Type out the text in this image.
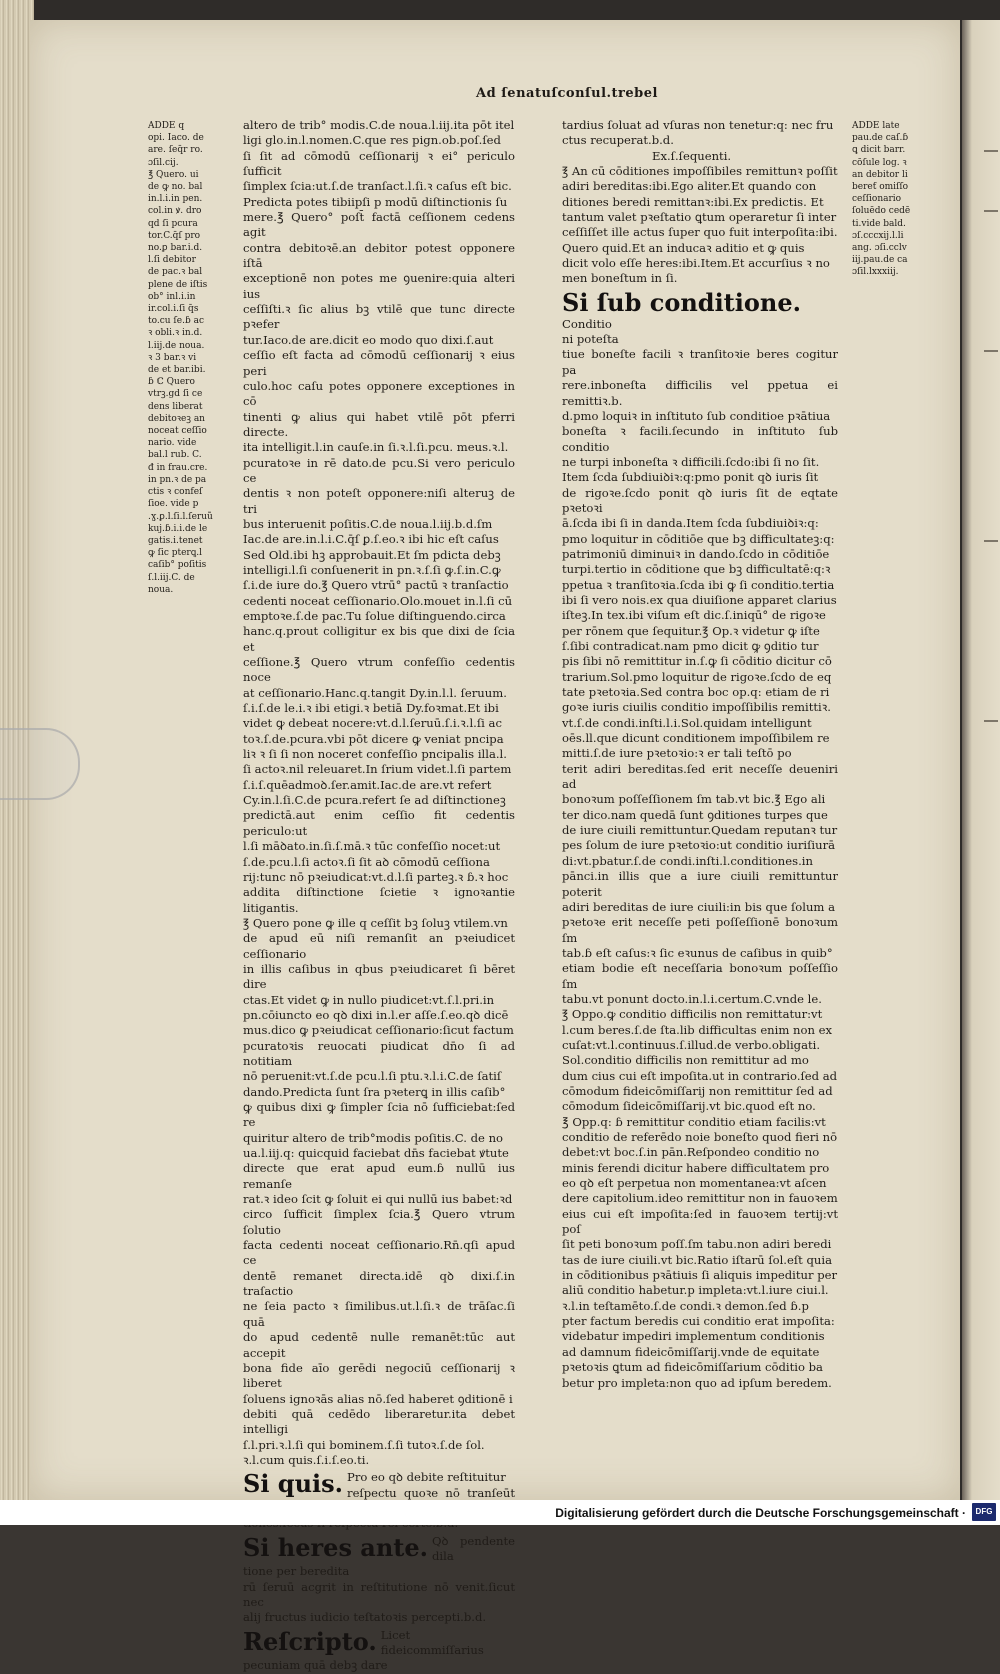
Ad ſenatuſconſul.trebel

ADDE q
opi. Iaco. de
are. ſeq̄r ro.
ɔſil.cij.
℥ Quero. ui
de ꝙ no. bal
in.l.i.in pen.
col.in ꝟ. dro
qd ſi pcura
tor.C.q̄ſ pro
no.ꝑ bar.i.d.
l.ſi debitor
de pac.ꝛ bal
plene de iſtis
ob° inl.i.in
ir.col.i.ſi q̄s
to.cu ſe.ɓ ac
ꝛ obli.ꝛ in.d.
l.iij.de noua.
ꝛ 3 bar.ꝛ vi
de et bar.ibi.
ɓ ℂ Quero
vtrꝫ.gd ſi ce
dens liberat
debitoꝛeꝫ an
noceat ceſſio
nario. vide
bal.l rub. C.
đ in frau.cre.
in pn.ꝛ de pa
ctis ꝛ confeſ
ſioe. vide p
.ɣ.ꝑ.l.ſi.l.ſeruũ
kuj.ɓ.i.i.de le
gatis.i.tenet
ꝙ ſic pterꝗ.l
caſib° poſitis
ſ.l.iij.C. de
noua.

ADDE late
pau.de caſ.ɓ
ꝗ dicit barr.
cōſule log. ꝛ
an debitor li
bereƭ omiſſo
ceſſionario
ſoluēdo cedē
ti.vide bald.
ɔſ.cccxij.l.li
ang. ɔſi.cclv
iij.pau.de ca
ɔſil.lxxxiij.

altero de trib° modis.C.de noua.l.iij.ita pōt itel
ligi glo.in.l.nomen.C.que res pign.ob.poſ.ſed
ſi ſit ad cōmodū ceſſionarij ꝛ ei° periculo ſufficit
ſimplex ſcia:ut.ſ.de tranſact.l.ſi.ꝛ caſus eſt bic.
Predicta potes tibiipſi p modū diſtinctionis ſu
mere.℥ Quero° poſt̄ factā ceſſionem cedens agit
contra debitoꝛē.an debitor potest opponere iſtā
exceptionē non potes me ꝯuenire:quia alteri ius
ceſſiſti.ꝛ ſic alius bꝫ vtilē que tunc directe pꝛefer
tur.Iaco.de are.dicit eo modo quo dixi.ſ.aut
ceſſio eſt facta ad cōmodū ceſſionarij ꝛ eius peri
culo.hoc caſu potes opponere exceptiones in cō
tinenti ꝙ alius qui habet vtilē pōt pferri directe.
ita intelligit.l.in cauſe.in ſi.ꝛ.l.ſi.pcu. meus.ꝛ.l.
pcuratoꝛe in rē dato.de pcu.Si vero periculo ce
dentis ꝛ non poteſt opponere:niſi alteruꝫ de tri
bus interuenit poſitis.C.de noua.l.iij.b.d.ſm
Iac.de are.in.l.i.C.q̄ſ ꝑ.ſ.eo.ꝛ ibi hic eſt caſus
Sed Old.ibi hꝫ approbauit.Et ſm pdicta debꝫ
intelligi.l.ſi conſuenerit in pn.ꝛ.ſ.ſi ꝙ.ſ.in.C.ꝙ
ſ.i.de iure do.℥ Quero vtrū° pactū ꝛ tranſactio
cedenti noceat ceſſionario.Olo.mouet in.l.ſi cū
emptoꝛe.ſ.de pac.Tu ſolue diſtinguendo.circa
hanc.q.prout colligitur ex bis que dixi de ſcia et
ceſſione.℥ Quero vtrum confeſſio cedentis noce
at ceſſionario.Hanc.q.tangit Dy.in.l.l. ſeruum.
ſ.i.ſ.de le.i.ꝛ ibi etigi.ꝛ betiā Dy.foꝛmat.Et ibi
videt ꝙ debeat nocere:vt.d.l.ſeruū.ſ.i.ꝛ.l.ſi ac
toꝛ.ſ.de.pcura.vbi pōt dicere ꝙ veniat pncipa
liꝛ ꝛ ſi ſi non noceret confeſſio pncipalis illa.l.
ſi actoꝛ.nil releuaret.In ſrium videt.l.ſi partem
ſ.i.ſ.quēadmoꝺ.ſer.amit.Iac.de are.vt refert
Cy.in.l.ſi.C.de pcura.refert ſe ad diſtinctioneꝫ
predictā.aut enim ceſſio fit cedentis periculo:ut
l.ſi māꝺato.in.ſi.ſ.mā.ꝛ tūc confeſſio nocet:ut
ſ.de.pcu.l.ſi actoꝛ.ſi ſit aꝺ cōmodū ceſſiona
rij:tunc nō pꝛeiudicat:vt.d.l.ſi parteꝫ.ꝛ ɓ.ꝛ hoc
addita diſtinctione ſcietie ꝛ ignoꝛantie litigantis.
℥ Quero pone ꝙ ille q ceſſit bꝫ ſoluꝫ vtilem.vn
de apud eū niſi remanſit an pꝛeiudicet ceſſionario
in illis caſibus in qbus pꝛeiudicaret ſi bēret dire
ctas.Et videt ꝙ in nullo piudicet:vt.ſ.l.pri.in
pn.cōiuncto eo qꝺ dixi in.l.er aſſe.ſ.eo.qꝺ dicē
mus.dico ꝙ pꝛeiudicat ceſſionario:ſicut factum
pcuratoꝛis reuocati piudicat dn̄o ſi ad notitiam
nō peruenit:vt.ſ.de pcu.l.ſi ptu.ꝛ.l.i.C.de ſatiſ
dando.Predicta ſunt ſra pꝛeterꝗ in illis caſib°
ꝙ quibus dixi ꝙ ſimpler ſcia nō ſufficiebat:ſed re
quiritur altero de trib°modis poſitis.C. de no
ua.l.iij.q: quicquid faciebat dn̄s faciebat ꝟtute
directe que erat apud eum.ɓ nullū ius remanſe
rat.ꝛ ideo ſcit ꝙ ſoluit ei qui nullū ius babet:ꝛd
circo ſufficit ſimplex ſcia.℥ Quero vtrum ſolutio
facta cedenti noceat ceſſionario.Rn̄.qſi apud ce
dentē remanet directa.idē qꝺ dixi.ſ.in traſactio
ne ſeia pacto ꝛ ſimilibus.ut.l.ſi.ꝛ de trāſac.ſi quā
do apud cedentē nulle remanēt:tūc aut accepit
bona fide aīo gerēdi negociū ceſſionarij ꝛ liberet
ſoluens ignoꝛās alias nō.ſed haberet ꝯditionē i
debiti quā cedēdo liberaretur.ita debet intelligi
ſ.l.pri.ꝛ.l.ſi qui bominem.ſ.ſi tutoꝛ.ſ.de ſol.
ꝛ.l.cum quis.ſ.i.ſ.eo.ti.

Si quis. Pro eo qꝺ debite reſtituitur
reſpectu quoꝛe nō tranſeūt

Si heres ante. Qꝺ pendente dila
tione per beredita
rū ſeruū acgrit in reſtitutione nō venit.ſicut nec
alij fructus iudicio teſtatoꝛis percepti.b.d.
Reſcripto. Licet fideicommiſſarius
pecuniam quā debꝫ dare

tardius ſoluat ad vſuras non tenetur:q: nec fru
ctus recuperat.b.d.

Ex.ſ.ſequenti.

℥ An cū cōditiones impoſſibiles remittunꝛ poſſit
adiri bereditas:ibi.Ego aliter.Et quando con
ditiones beredi remittanꝛ:ibi.Ex predictis. Et
tantum valet pꝛeſtatio ꝗtum operaretur ſi inter
ceſſiſſet ille actus ſuper quo fuit interpoſita:ibi.
Quero quid.Et an inducaꝛ aditio et ꝙ quis
dicit volo eſſe heres:ibi.Item.Et accurſius ꝛ no
men boneſtum in ſi.

Si ſub conditione.
Conditio
ni poteſta
tiue boneſte facili ꝛ tranſitoꝛie beres cogitur pa
rere.inboneſta difficilis vel ppetua ei remittiꝛ.b.
d.pmo loquiꝛ in inſtituto ſub conditioe pꝛātiua
boneſta ꝛ facili.ſecundo in inſtituto ſub conditio
ne turpi inboneſta ꝛ difficili.ſcdo:ibi ſi no ſit.
Item ſcda ſubdiuiꝺiꝛ:q:pmo ponit qꝺ iuris ſit
de rigoꝛe.ſcdo ponit qꝺ iuris ſit de eqtate pꝛetoꝛi
ā.ſcda ibi ſi in danda.Item ſcda ſubdiuiꝺiꝛ:q:
pmo loquitur in cōditiōe que bꝫ difficultateꝫ:q:
patrimoniū diminuiꝛ in dando.ſcdo in cōditiōe
turpi.tertio in cōditione que bꝫ difficultatē:q:ꝛ
ppetua ꝛ tranſitoꝛia.ſcda ibi ꝙ ſi conditio.tertia
ibi ſi vero nois.ex qua diuiſione apparet clarius
iſteꝫ.In tex.ibi viſum eſt dic.ſ.iniqū° de rigoꝛe
per rōnem que ſequitur.℥ Op.ꝛ videtur ꝙ iſte
ſ.ſibi contradicat.nam pmo dicit ꝙ ꝯditio tur
pis ſibi nō remittitur in.ſ.ꝙ ſi cōditio dicitur cō
trarium.Sol.pmo loquitur de rigoꝛe.ſcdo de eq
tate pꝛetoꝛia.Sed contra boc op.q: etiam de ri
goꝛe iuris ciuilis conditio impoſſibilis remittiꝛ.
vt.ſ.de condi.inſti.l.i.Sol.quidam intelligunt
oēs.ll.que dicunt conditionem impoſſibilem re
mitti.ſ.de iure pꝛetoꝛio:ꝛ er tali teſtō po
terit adiri bereditas.ſed erit neceſſe deueniri ad
bonoꝛum poſſeſſionem ſm tab.vt bic.℥ Ego ali
ter dico.nam quedā ſunt ꝯditiones turpes que
de iure ciuili remittuntur.Quedam reputanꝛ tur
pes ſolum de iure pꝛetoꝛio:ut conditio iuriſiurā
di:vt.pbatur.ſ.de condi.inſti.l.conditiones.in
pānci.in illis que a iure ciuili remittuntur poterit
adiri bereditas de iure ciuili:in bis que ſolum a
pꝛetoꝛe erit neceſſe peti poſſeſſionē bonoꝛum ſm
tab.ɓ eſt caſus:ꝛ ſic eꝛunus de caſibus in quib°
etiam bodie eſt neceſſaria bonoꝛum poſſeſſio ſm
tabu.vt ponunt docto.in.l.i.certum.C.vnde le.
℥ Oppo.ꝙ conditio difficilis non remittatur:vt
l.cum beres.ſ.de ſta.lib difficultas enim non ex
cuſat:vt.l.continuus.ſ.illud.de verbo.obligati.
Sol.conditio difficilis non remittitur ad mo
dum cius cui eſt impoſita.ut in contrario.ſed ad
cōmodum fideicōmiſſarij non remittitur ſed ad
cōmodum ſideicōmiſſarij.vt bic.quod eſt no.
℥ Opp.q: ɓ remittitur conditio etiam facilis:vt
conditio de referēdo noie boneſto quod fieri nō
debet:vt boc.ſ.in pān.Reſpondeo conditio no
minis ferendi dicitur habere difficultatem pro
eo qꝺ eſt perpetua non momentanea:vt aſcen
dere capitolium.ideo remittitur non in fauoꝛem
eius cui eſt impoſita:ſed in fauoꝛem tertij:vt poſ
ſit peti bonoꝛum poſſ.ſm tabu.non adiri beredi
tas de iure ciuili.vt bic.Ratio iſtarū ſol.eſt quia
in cōditionibus pꝛātiuis ſi aliquis impeditur per
aliū conditio habetur.p impleta:vt.l.iure ciui.l.
ꝛ.l.in teſtamēto.ſ.de condi.ꝛ demon.ſed ɓ.p
pter factum beredis cui conditio erat impoſita:
videbatur impediri implementum conditionis
ad damnum fideicōmiſſarij.vnde de equitate
pꝛetoꝛis ꝗtum ad fideicōmiſſarium cōditio ba
betur pro impleta:non quo ad ipſum beredem.

Digitalisierung gefördert durch die Deutsche Forschungsgemeinschaft ·	DFG
